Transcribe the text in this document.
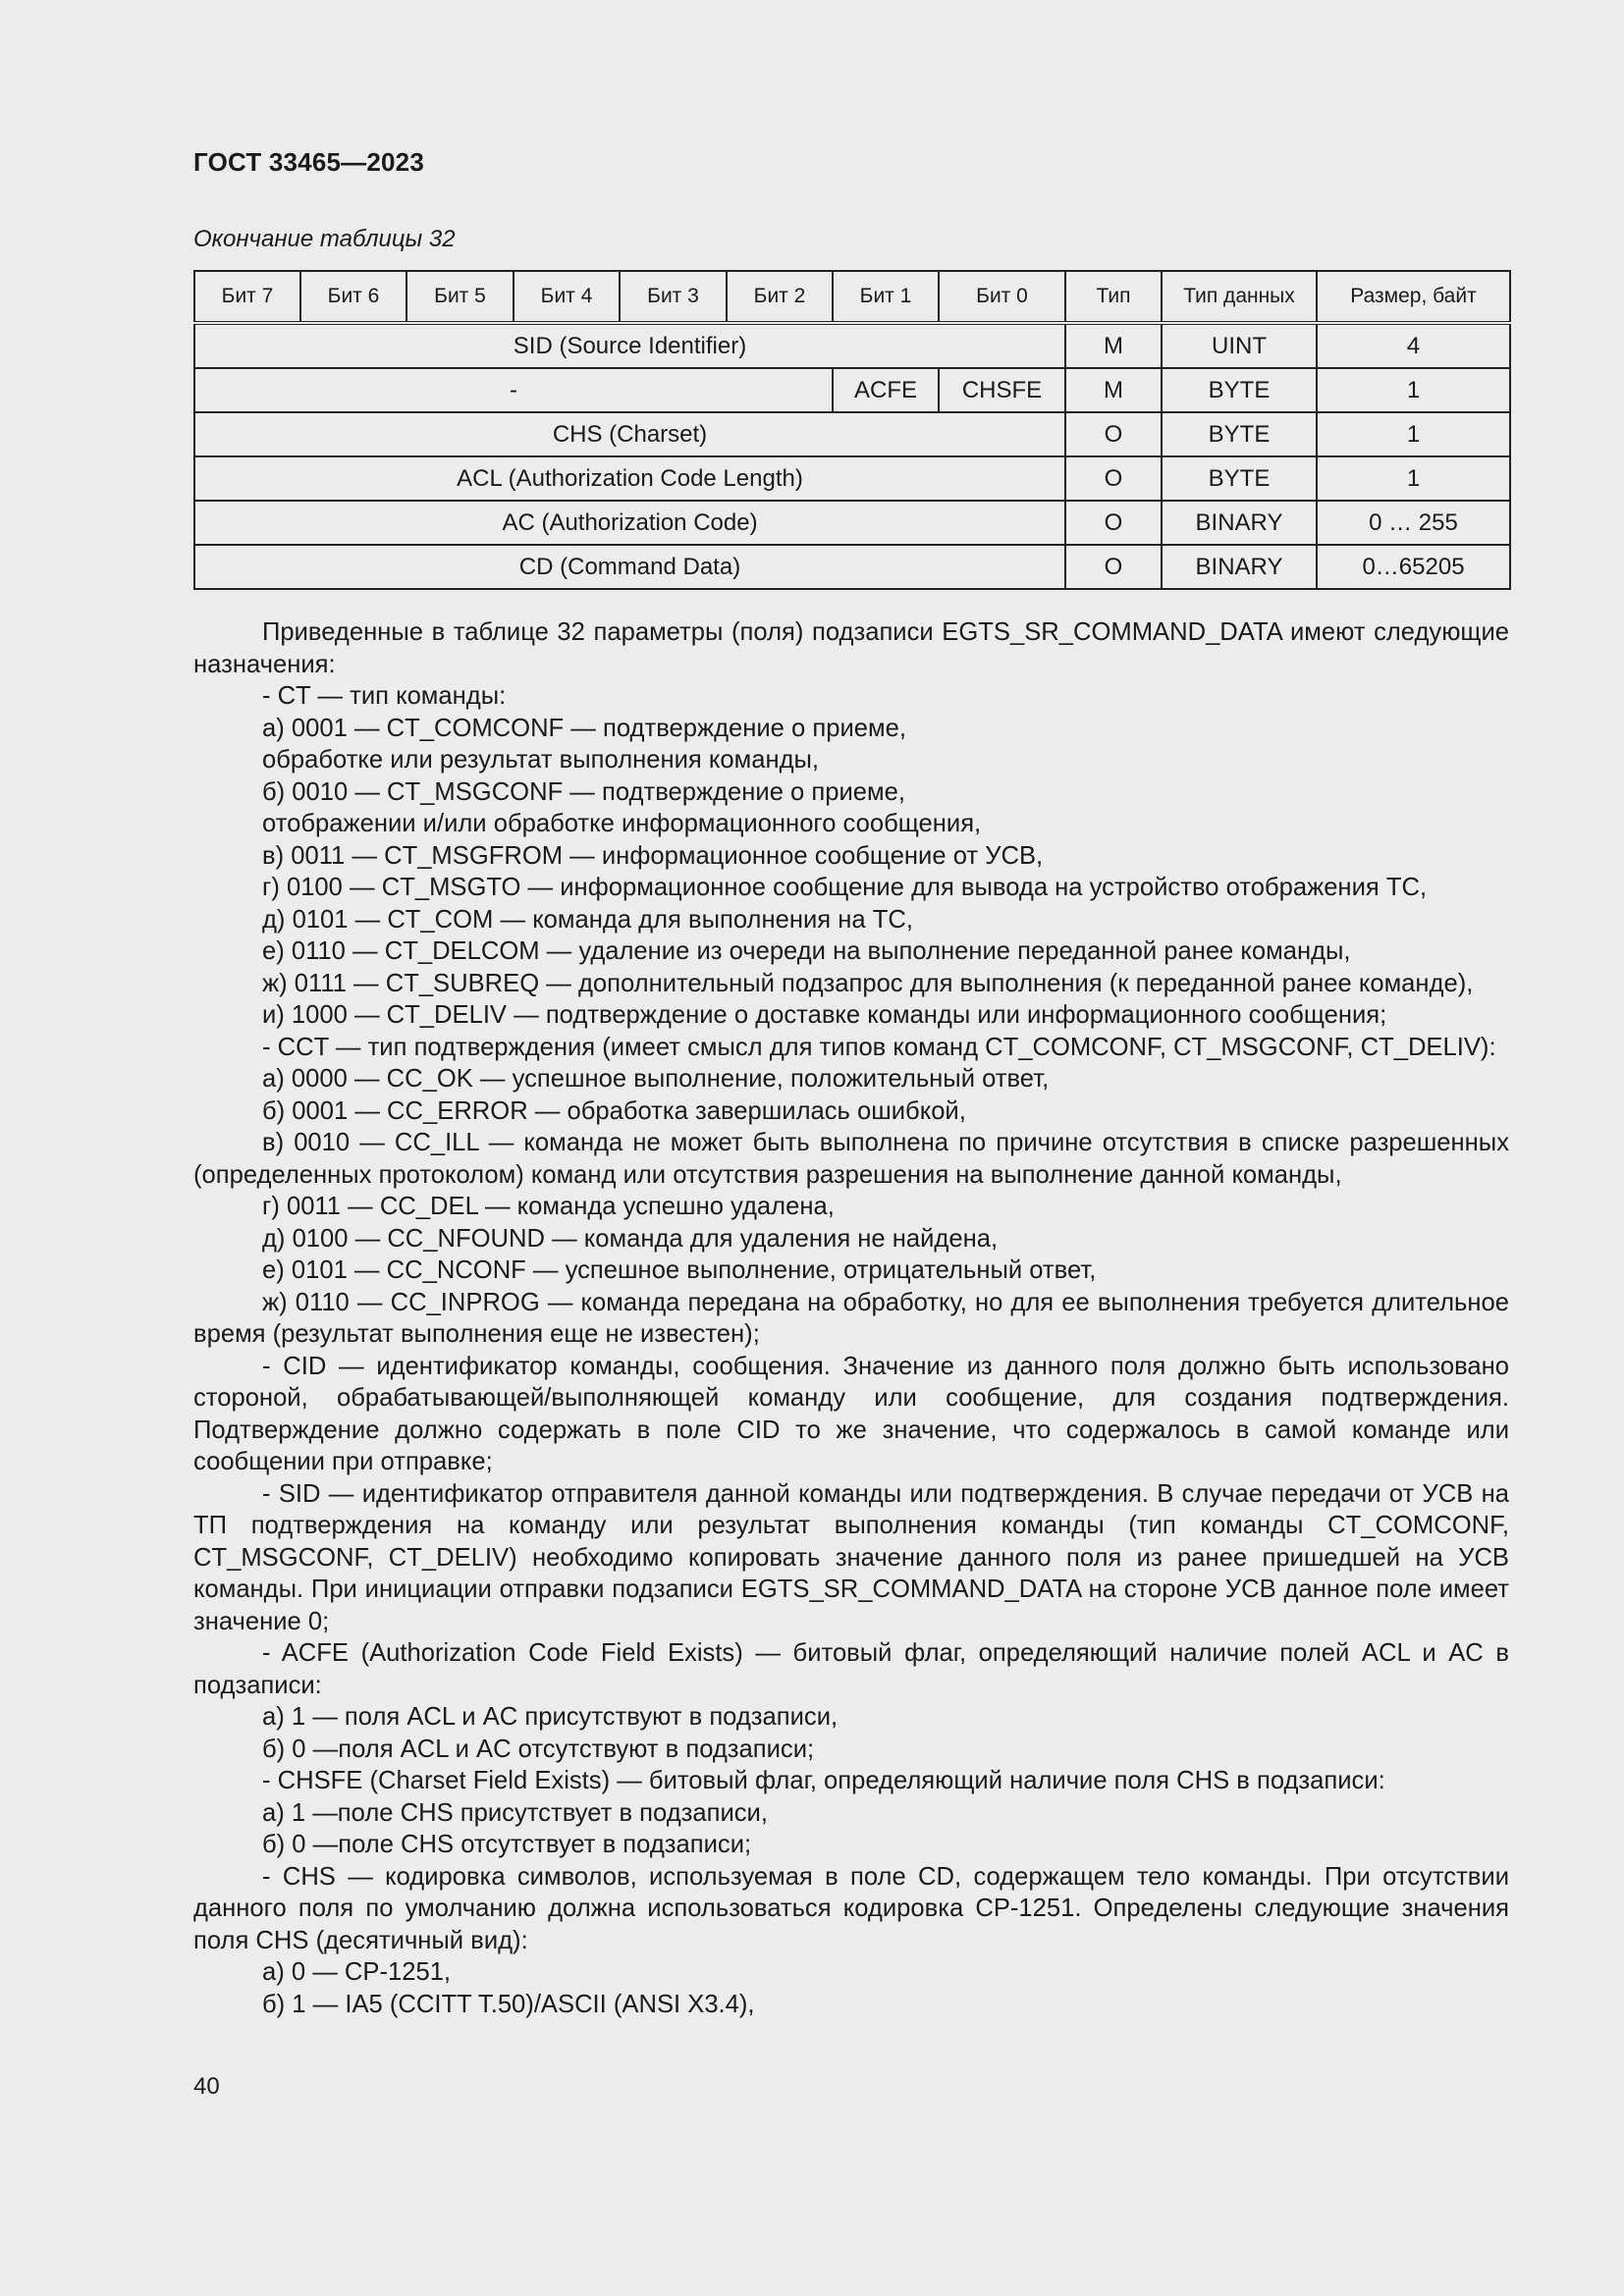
ГОСТ 33465—2023
Окончание таблицы 32
Бит 7	Бит 6	Бит 5	Бит 4	Бит 3	Бит 2	Бит 1	Бит 0	Тип	Тип данных	Размер, байт
SID (Source Identifier)								M	UINT	4
-						ACFE	CHSFE	M	BYTE	1
CHS (Charset)								O	BYTE	1
ACL (Authorization Code Length)								O	BYTE	1
AC (Authorization Code)								O	BINARY	0 … 255
CD (Command Data)								O	BINARY	0…65205

Приведенные в таблице 32 параметры (поля) подзаписи EGTS_SR_COMMAND_DATA имеют следующие назначения:

- CT — тип команды:

а) 0001 — CT_COMCONF — подтверждение о приеме,

обработке или результат выполнения команды,

б) 0010 — CT_MSGCONF — подтверждение о приеме,

отображении и/или обработке информационного сообщения,

в) 0011 — CT_MSGFROM — информационное сообщение от УСВ,

г) 0100 — CT_MSGTO — информационное сообщение для вывода на устройство отображения ТС,

д) 0101 — CT_COM — команда для выполнения на ТС,

е) 0110 — CT_DELCOM — удаление из очереди на выполнение переданной ранее команды,

ж) 0111 — CT_SUBREQ — дополнительный подзапрос для выполнения (к переданной ранее команде),

и) 1000 — CT_DELIV — подтверждение о доставке команды или информационного сообщения;

- CCT — тип подтверждения (имеет смысл для типов команд CT_COMCONF, CT_MSGCONF, CT_DELIV):

а) 0000 — CC_OK — успешное выполнение, положительный ответ,

б) 0001 — CC_ERROR — обработка завершилась ошибкой,

в) 0010 — CC_ILL — команда не может быть выполнена по причине отсутствия в списке разрешенных (определенных протоколом) команд или отсутствия разрешения на выполнение данной команды,

г) 0011 — CC_DEL — команда успешно удалена,

д) 0100 — CC_NFOUND — команда для удаления не найдена,

е) 0101 — CC_NCONF — успешное выполнение, отрицательный ответ,

ж) 0110 — CC_INPROG — команда передана на обработку, но для ее выполнения требуется длительное время (результат выполнения еще не известен);

- CID — идентификатор команды, сообщения. Значение из данного поля должно быть использовано стороной, обрабатывающей/выполняющей команду или сообщение, для создания подтверждения. Подтверждение должно содержать в поле CID то же значение, что содержалось в самой команде или сообщении при отправке;

- SID — идентификатор отправителя данной команды или подтверждения. В случае передачи от УСВ на ТП подтверждения на команду или результат выполнения команды (тип команды CT_COMCONF, CT_MSGCONF, CT_DELIV) необходимо копировать значение данного поля из ранее пришедшей на УСВ команды. При инициации отправки подзаписи EGTS_SR_COMMAND_DATA на стороне УСВ данное поле имеет значение 0;

- ACFE (Authorization Code Field Exists) — битовый флаг, определяющий наличие полей ACL и AC в подзаписи:

а) 1 — поля ACL и AC присутствуют в подзаписи,

б) 0 —поля ACL и AC отсутствуют в подзаписи;

- CHSFE (Charset Field Exists) — битовый флаг, определяющий наличие поля CHS в подзаписи:

а) 1 —поле CHS присутствует в подзаписи,

б) 0 —поле CHS отсутствует в подзаписи;

- CHS — кодировка символов, используемая в поле CD, содержащем тело команды. При отсутствии данного поля по умолчанию должна использоваться кодировка CP-1251. Определены следующие значения поля CHS (десятичный вид):

а) 0 — CP-1251,

б) 1 — IA5 (CCITT T.50)/ASCII (ANSI X3.4),

40
